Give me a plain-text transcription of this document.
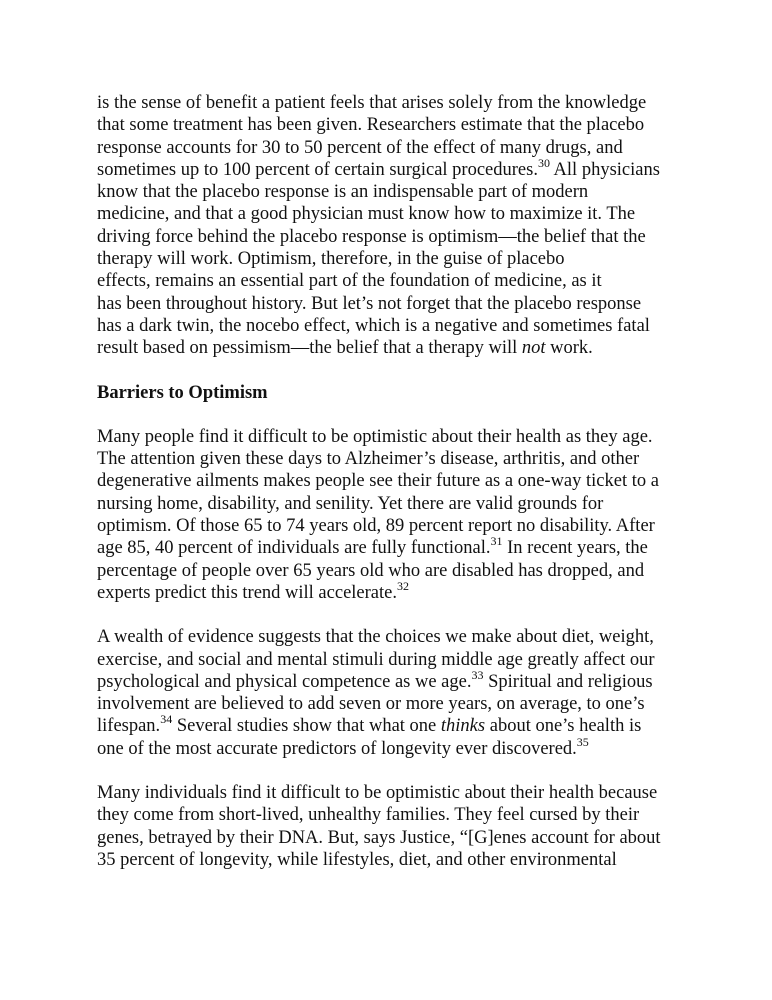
is the sense of benefit a patient feels that arises solely from the knowledge
that some treatment has been given. Researchers estimate that the placebo
response accounts for 30 to 50 percent of the effect of many drugs, and
sometimes up to 100 percent of certain surgical procedures.$^{30}$ All physicians
know that the placebo response is an indispensable part of modern
medicine, and that a good physician must know how to maximize it. The
driving force behind the placebo response is optimism—the belief that the
therapy will work. Optimism, therefore, in the guise of placebo
effects, remains an essential part of the foundation of medicine, as it
has been throughout history. But let’s not forget that the placebo response
has a dark twin, the nocebo effect, which is a negative and sometimes fatal
result based on pessimism—the belief that a therapy will not work.

Barriers to Optimism

Many people find it difficult to be optimistic about their health as they age.
The attention given these days to Alzheimer’s disease, arthritis, and other
degenerative ailments makes people see their future as a one-way ticket to a
nursing home, disability, and senility. Yet there are valid grounds for
optimism. Of those 65 to 74 years old, 89 percent report no disability. After
age 85, 40 percent of individuals are fully functional.$^{31}$ In recent years, the
percentage of people over 65 years old who are disabled has dropped, and
experts predict this trend will accelerate.$^{32}$

A wealth of evidence suggests that the choices we make about diet, weight,
exercise, and social and mental stimuli during middle age greatly affect our
psychological and physical competence as we age.$^{33}$ Spiritual and religious
involvement are believed to add seven or more years, on average, to one’s
lifespan.$^{34}$ Several studies show that what one thinks about one’s health is
one of the most accurate predictors of longevity ever discovered.$^{35}$

Many individuals find it difficult to be optimistic about their health because
they come from short-lived, unhealthy families. They feel cursed by their
genes, betrayed by their DNA. But, says Justice, “[G]enes account for about
35 percent of longevity, while lifestyles, diet, and other environmental
